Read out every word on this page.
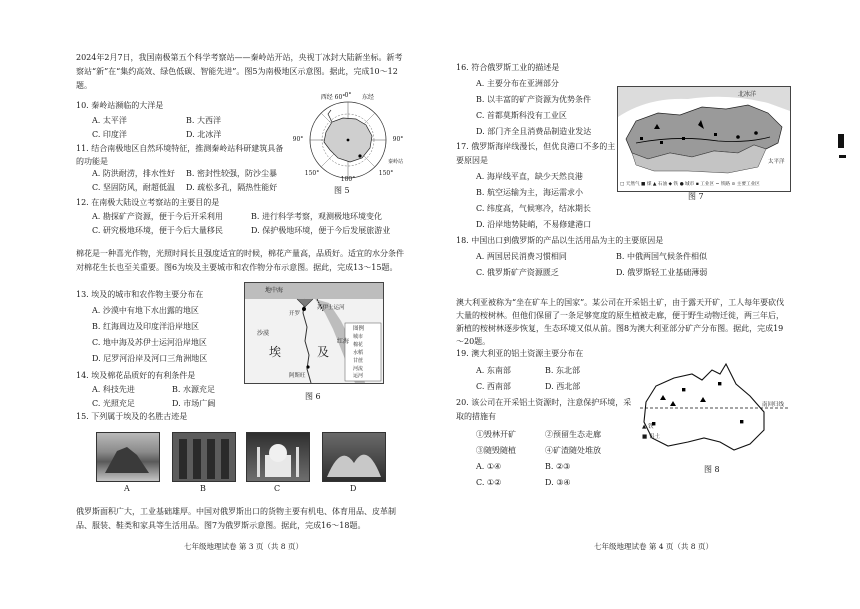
2024年2月7日，我国南极第五个科学考察站——秦岭站开站，央视丁冰封大陆新坐标。新考察站“新”在“集约高效、绿色低碳、智能先进”。图5为南极地区示意图。据此，完成10～12题。
10. 秦岭站濒临的大洋是
A. 太平洋	B. 大西洋
C. 印度洋	D. 北冰洋
11. 结合南极地区自然环境特征，推测秦岭站科研建筑具备的功能是
A. 防洪耐涝，排水性好 B. 密封性较强，防沙尘暴
C. 坚固防风，耐超低温 D. 疏松多孔，隔热性能好
西经 60° 0°	东经
90°	90°
150°
180°
150°
秦岭站
图 5
12. 在南极大陆设立考察站的主要目的是
A. 勘探矿产资源，便于今后开采利用	B. 进行科学考察，观测极地环境变化
C. 研究极地环境，便于今后大量移民	D. 保护极地环境，便于今后发展旅游业
棉花是一种喜光作物，光照时间长且强度适宜的时候，棉花产量高，品质好。适宜的水分条件对棉花生长也至关重要。图6为埃及主要城市和农作物分布示意图。据此，完成13～15题。
13. 埃及的城市和农作物主要分布在
A. 沙漠中有地下水出露的地区
B. 红海周边及印度洋沿岸地区
C. 地中海及苏伊士运河沿岸地区
D. 尼罗河沿岸及河口三角洲地区
14. 埃及棉花品质好的有利条件是
A. 科技先进	B. 水源充足
C. 光照充足	D. 市场广阔
地中海
苏伊士运河
开罗
红海
沙漠
埃	及
阿斯旺
图例
城市
棉花
水稻
甘蔗
河流
运河
图 6
15. 下列属于埃及的名胜古迹是
A	B	C	D
俄罗斯面积广大，工业基础雄厚。中国对俄罗斯出口的货物主要有机电、体育用品、皮革制品、服装、鞋类和家具等生活用品。图7为俄罗斯示意图。据此，完成16～18题。
七年级地理试卷 第 3 页（共 8 页）
16. 符合俄罗斯工业的描述是
A. 主要分布在亚洲部分
B. 以丰富的矿产资源为优势条件
C. 首都莫斯科没有工业区
D. 部门齐全且消费品制造业发达
17. 俄罗斯海岸线漫长，但优良港口不多的主要原因是
A. 海岸线平直，缺少天然良港
B. 航空运输为主，海运需求小
C. 纬度高，气候寒冷，结冰期长
D. 沿岸地势陡峭，不易修建港口
北冰洋
太平洋
□ 天然气 ■ 煤 ▲ 石油 ◆ 铁 ● 城市 ▪ 工业区 ~ 铁路 ⊙ 主要工业区
图 7
18. 中国出口到俄罗斯的产品以生活用品为主的主要原因是
A. 两国居民消费习惯相同	B. 中俄两国气候条件相似
C. 俄罗斯矿产资源匮乏	D. 俄罗斯轻工业基础薄弱
澳大利亚被称为“坐在矿车上的国家”。某公司在开采铝土矿，由于露天开矿，工人每年要砍伐大量的桉树林。但他们保留了一条足够宽度的原生植被走廊，便于野生动物迁徙，两三年后，新植的桉树林逐步恢复，生态环境又似从前。图8为澳大利亚部分矿产分布图。据此，完成19～20题。
19. 澳大利亚的铝土资源主要分布在
A. 东南部	B. 东北部
C. 西南部	D. 西北部
20. 该公司在开采铝土资源时，注意保护环境，采取的措施有
①毁林开矿	②预留生态走廊
③随毁随植	④矿渣随处堆放
A. ①④	B. ②③
C. ①②	D. ③④
南回归线
▲ 铁
■ 铝土
图 8
七年级地理试卷 第 4 页（共 8 页）
